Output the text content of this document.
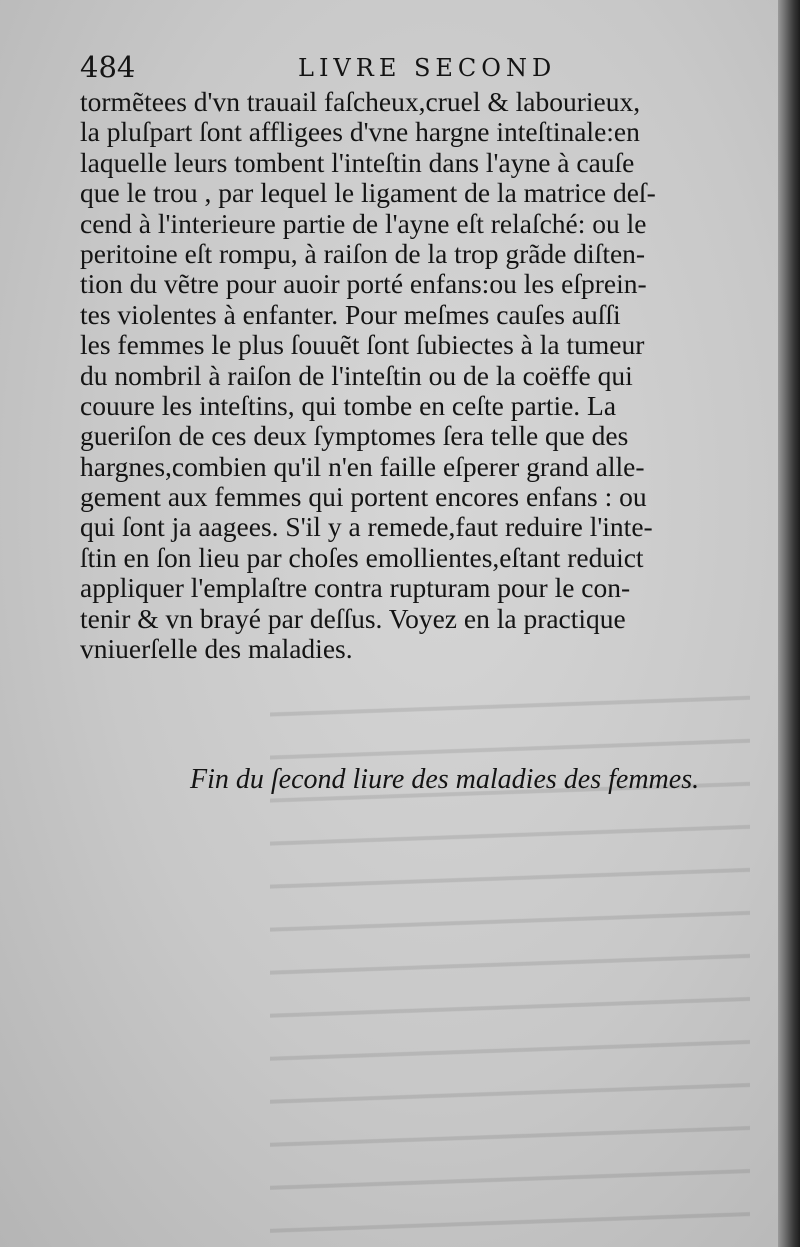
484	LIVRE SECOND
tormẽtees d'vn trauail faſcheux,cruel & labourieux,
la pluſpart ſont affligees d'vne hargne inteſtinale:en
laquelle leurs tombent l'inteſtin dans l'ayne à cauſe
que le trou , par lequel le ligament de la matrice deſ-
cend à l'interieure partie de l'ayne eſt relaſché: ou le
peritoine eſt rompu, à raiſon de la trop grãde diſten-
tion du vẽtre pour auoir porté enfans:ou les eſprein-
tes violentes à enfanter. Pour meſmes cauſes auſſi
les femmes le plus ſouuẽt ſont ſubiectes à la tumeur
du nombril à raiſon de l'inteſtin ou de la coëffe qui
couure les inteſtins, qui tombe en ceſte partie. La
gueriſon de ces deux ſymptomes ſera telle que des
hargnes,combien qu'il n'en faille eſperer grand alle-
gement aux femmes qui portent encores enfans : ou
qui ſont ja aagees. S'il y a remede,faut reduire l'inte-
ſtin en ſon lieu par choſes emollientes,eſtant reduict
appliquer l'emplaſtre contra rupturam pour le con-
tenir & vn brayé par deſſus. Voyez en la practique
vniuerſelle des maladies.
Fin du ſecond liure des maladies des femmes.
